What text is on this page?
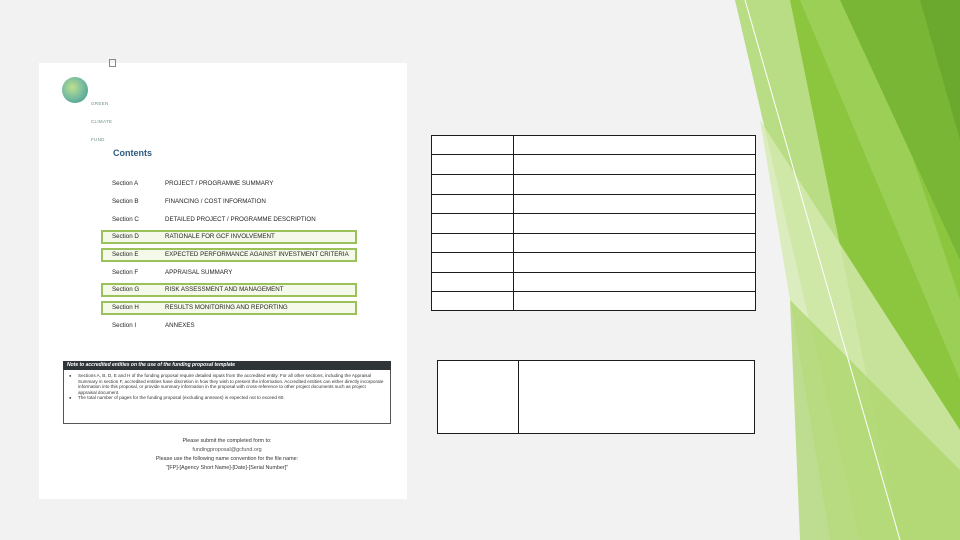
GREEN

CLIMATE

FUND

Contents
Section A	PROJECT / PROGRAMME SUMMARY
Section B	FINANCING / COST INFORMATION
Section C	DETAILED PROJECT / PROGRAMME DESCRIPTION
Section D	RATIONALE FOR GCF INVOLVEMENT
Section E	EXPECTED PERFORMANCE AGAINST INVESTMENT CRITERIA
Section F	APPRAISAL SUMMARY
Section G	RISK ASSESSMENT AND MANAGEMENT
Section H	RESULTS MONITORING AND REPORTING
Section I	ANNEXES
Note to accredited entities on the use of the funding proposal template
● Sections A, B, D, E and H of the funding proposal require detailed inputs from the accredited entity. For all other sections, including the Appraisal Summary in section F, accredited entities have discretion in how they wish to present the information. Accredited entities can either directly incorporate information into this proposal, or provide summary information in the proposal with cross-reference to other project documents such as project appraisal document.
● The total number of pages for the funding proposal (excluding annexes) is expected not to exceed 60.
Please submit the completed form to:
fundingproposal@gcfund.org
Please use the following name convention for the file name:
"[FP]-[Agency Short Name]-[Date]-[Serial Number]"
